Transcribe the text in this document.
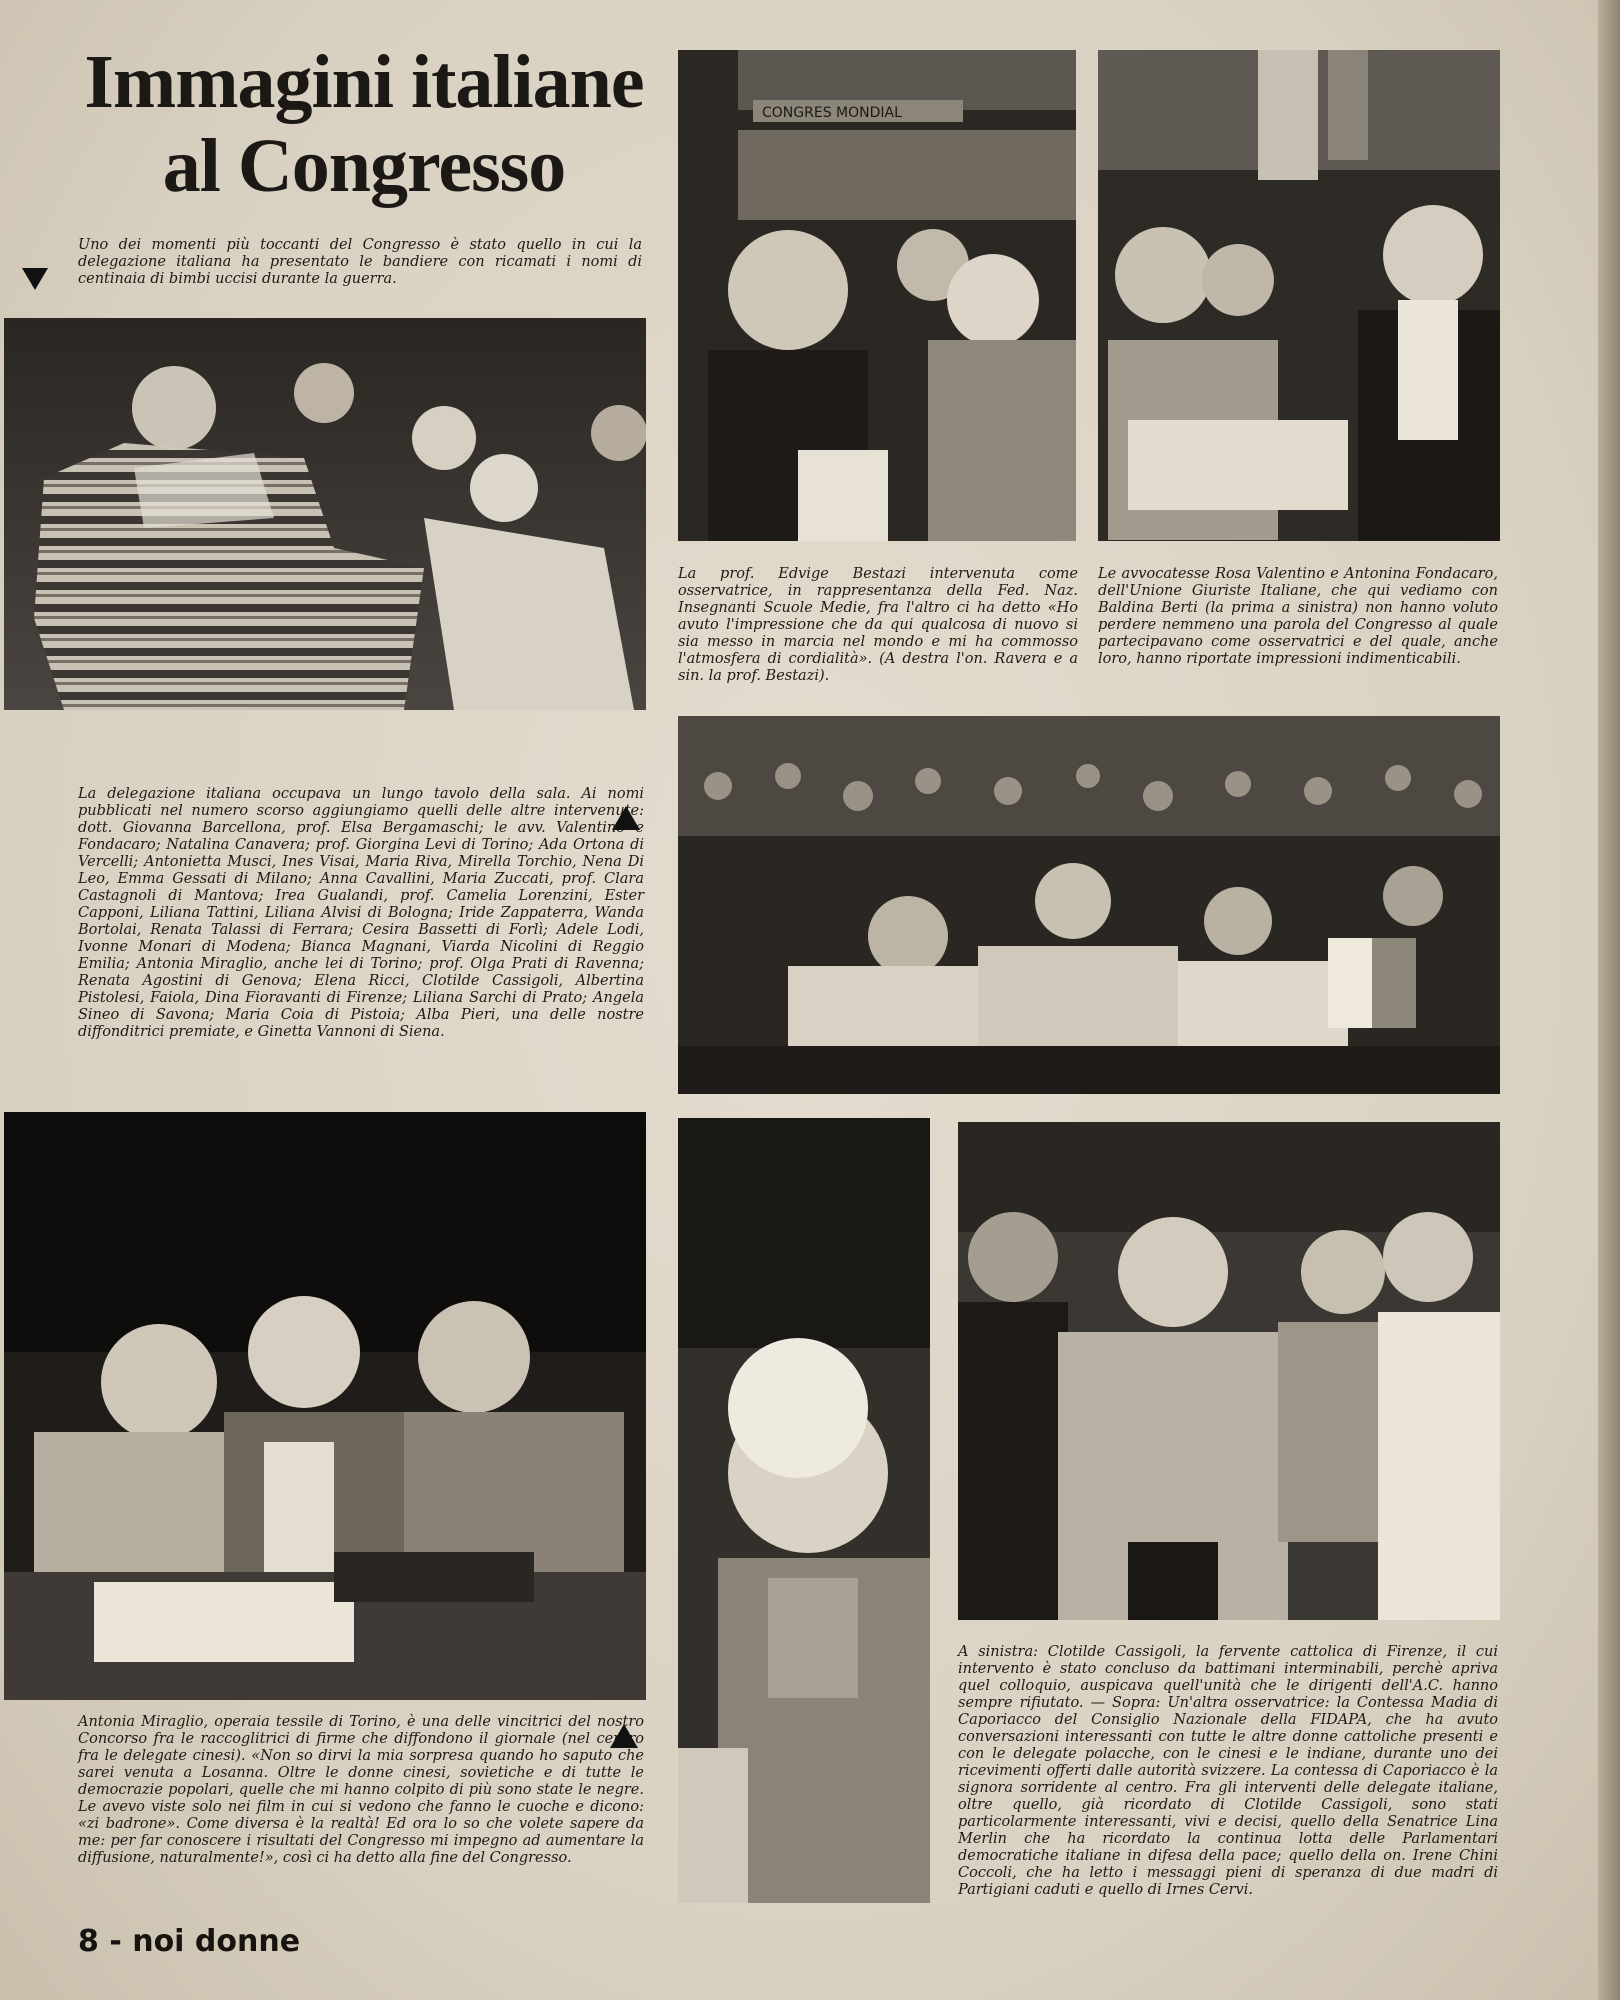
Immagini italiane
al Congresso

Uno dei momenti più toccanti del Congresso è stato quello in cui la delegazione italiana ha presentato le bandiere con ricamati i nomi di centinaia di bimbi uccisi durante la guerra.

CONGRES MONDIAL

La prof. Edvige Bestazi intervenuta come osservatrice, in rappresentanza della Fed. Naz. Insegnanti Scuole Medie, fra l'altro ci ha detto «Ho avuto l'impressione che da qui qualcosa di nuovo si sia messo in marcia nel mondo e mi ha commosso l'atmosfera di cordialità». (A destra l'on. Ravera e a sin. la prof. Bestazi).

Le avvocatesse Rosa Valentino e Antonina Fondacaro, dell'Unione Giuriste Italiane, che qui vediamo con Baldina Berti (la prima a sinistra) non hanno voluto perdere nemmeno una parola del Congresso al quale partecipavano come osservatrici e del quale, anche loro, hanno riportate impressioni indimenticabili.

La delegazione italiana occupava un lungo tavolo della sala. Ai nomi pubblicati nel numero scorso aggiungiamo quelli delle altre intervenute: dott. Giovanna Barcellona, prof. Elsa Bergamaschi; le avv. Valentino e Fondacaro; Natalina Canavera; prof. Giorgina Levi di Torino; Ada Ortona di Vercelli; Antonietta Musci, Ines Visai, Maria Riva, Mirella Torchio, Nena Di Leo, Emma Gessati di Milano; Anna Cavallini, Maria Zuccati, prof. Clara Castagnoli di Mantova; Irea Gualandi, prof. Camelia Lorenzini, Ester Capponi, Liliana Tattini, Liliana Alvisi di Bologna; Iride Zappaterra, Wanda Bortolai, Renata Talassi di Ferrara; Cesira Bassetti di Forlì; Adele Lodi, Ivonne Monari di Modena; Bianca Magnani, Viarda Nicolini di Reggio Emilia; Antonia Miraglio, anche lei di Torino; prof. Olga Prati di Ravenna; Renata Agostini di Genova; Elena Ricci, Clotilde Cassigoli, Albertina Pistolesi, Faiola, Dina Fioravanti di Firenze; Liliana Sarchi di Prato; Angela Sineo di Savona; Maria Coia di Pistoia; Alba Pieri, una delle nostre diffonditrici premiate, e Ginetta Vannoni di Siena.

Antonia Miraglio, operaia tessile di Torino, è una delle vincitrici del nostro Concorso fra le raccoglitrici di firme che diffondono il giornale (nel centro fra le delegate cinesi). «Non so dirvi la mia sorpresa quando ho saputo che sarei venuta a Losanna. Oltre le donne cinesi, sovietiche e di tutte le democrazie popolari, quelle che mi hanno colpito di più sono state le negre. Le avevo viste solo nei film in cui si vedono che fanno le cuoche e dicono: «zi badrone». Come diversa è la realtà! Ed ora lo so che volete sapere da me: per far conoscere i risultati del Congresso mi impegno ad aumentare la diffusione, naturalmente!», così ci ha detto alla fine del Congresso.

A sinistra: Clotilde Cassigoli, la fervente cattolica di Firenze, il cui intervento è stato concluso da battimani interminabili, perchè apriva quel colloquio, auspicava quell'unità che le dirigenti dell'A.C. hanno sempre rifiutato. — Sopra: Un'altra osservatrice: la Contessa Madia di Caporiacco del Consiglio Nazionale della FIDAPA, che ha avuto conversazioni interessanti con tutte le altre donne cattoliche presenti e con le delegate polacche, con le cinesi e le indiane, durante uno dei ricevimenti offerti dalle autorità svizzere. La contessa di Caporiacco è la signora sorridente al centro. Fra gli interventi delle delegate italiane, oltre quello, già ricordato di Clotilde Cassigoli, sono stati particolarmente interessanti, vivi e decisi, quello della Senatrice Lina Merlin che ha ricordato la continua lotta delle Parlamentari democratiche italiane in difesa della pace; quello della on. Irene Chini Coccoli, che ha letto i messaggi pieni di speranza di due madri di Partigiani caduti e quello di Irnes Cervi.

8 - noi donne
